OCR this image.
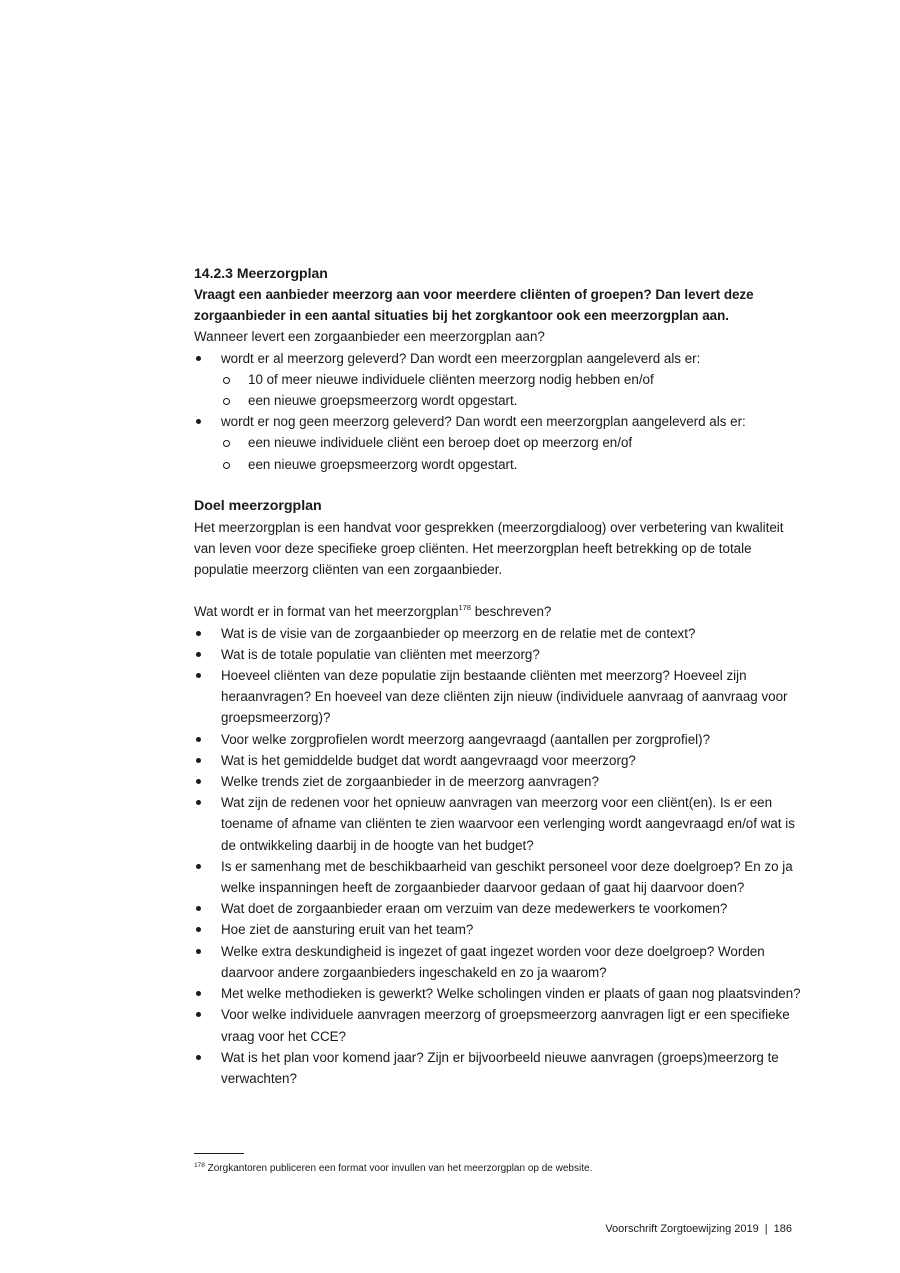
14.2.3 Meerzorgplan

Vraagt een aanbieder meerzorg aan voor meerdere cliënten of groepen? Dan levert deze zorgaanbieder in een aantal situaties bij het zorgkantoor ook een meerzorgplan aan.

Wanneer levert een zorgaanbieder een meerzorgplan aan?

wordt er al meerzorg geleverd? Dan wordt een meerzorgplan aangeleverd als er:
10 of meer nieuwe individuele cliënten meerzorg nodig hebben en/of
een nieuwe groepsmeerzorg wordt opgestart.
wordt er nog geen meerzorg geleverd? Dan wordt een meerzorgplan aangeleverd als er:
een nieuwe individuele cliënt een beroep doet op meerzorg en/of
een nieuwe groepsmeerzorg wordt opgestart.

Doel meerzorgplan

Het meerzorgplan is een handvat voor gesprekken (meerzorgdialoog) over verbetering van kwaliteit van leven voor deze specifieke groep cliënten. Het meerzorgplan heeft betrekking op de totale populatie meerzorg cliënten van een zorgaanbieder.

Wat wordt er in format van het meerzorgplan$^{178}$ beschreven?

Wat is de visie van de zorgaanbieder op meerzorg en de relatie met de context?
Wat is de totale populatie van cliënten met meerzorg?
Hoeveel cliënten van deze populatie zijn bestaande cliënten met meerzorg? Hoeveel zijn heraanvragen? En hoeveel van deze cliënten zijn nieuw (individuele aanvraag of aanvraag voor groepsmeerzorg)?
Voor welke zorgprofielen wordt meerzorg aangevraagd (aantallen per zorgprofiel)?
Wat is het gemiddelde budget dat wordt aangevraagd voor meerzorg?
Welke trends ziet de zorgaanbieder in de meerzorg aanvragen?
Wat zijn de redenen voor het opnieuw aanvragen van meerzorg voor een cliënt(en). Is er een toename of afname van cliënten te zien waarvoor een verlenging wordt aangevraagd en/of wat is de ontwikkeling daarbij in de hoogte van het budget?
Is er samenhang met de beschikbaarheid van geschikt personeel voor deze doelgroep? En zo ja welke inspanningen heeft de zorgaanbieder daarvoor gedaan of gaat hij daarvoor doen?
Wat doet de zorgaanbieder eraan om verzuim van deze medewerkers te voorkomen?
Hoe ziet de aansturing eruit van het team?
Welke extra deskundigheid is ingezet of gaat ingezet worden voor deze doelgroep? Worden daarvoor andere zorgaanbieders ingeschakeld en zo ja waarom?
Met welke methodieken is gewerkt? Welke scholingen vinden er plaats of gaan nog plaatsvinden?
Voor welke individuele aanvragen meerzorg of groepsmeerzorg aanvragen ligt er een specifieke vraag voor het CCE?
Wat is het plan voor komend jaar? Zijn er bijvoorbeeld nieuwe aanvragen (groeps)meerzorg te verwachten?
$^{178}$ Zorgkantoren publiceren een format voor invullen van het meerzorgplan op de website.
Voorschrift Zorgtoewijzing 2019 | 186
